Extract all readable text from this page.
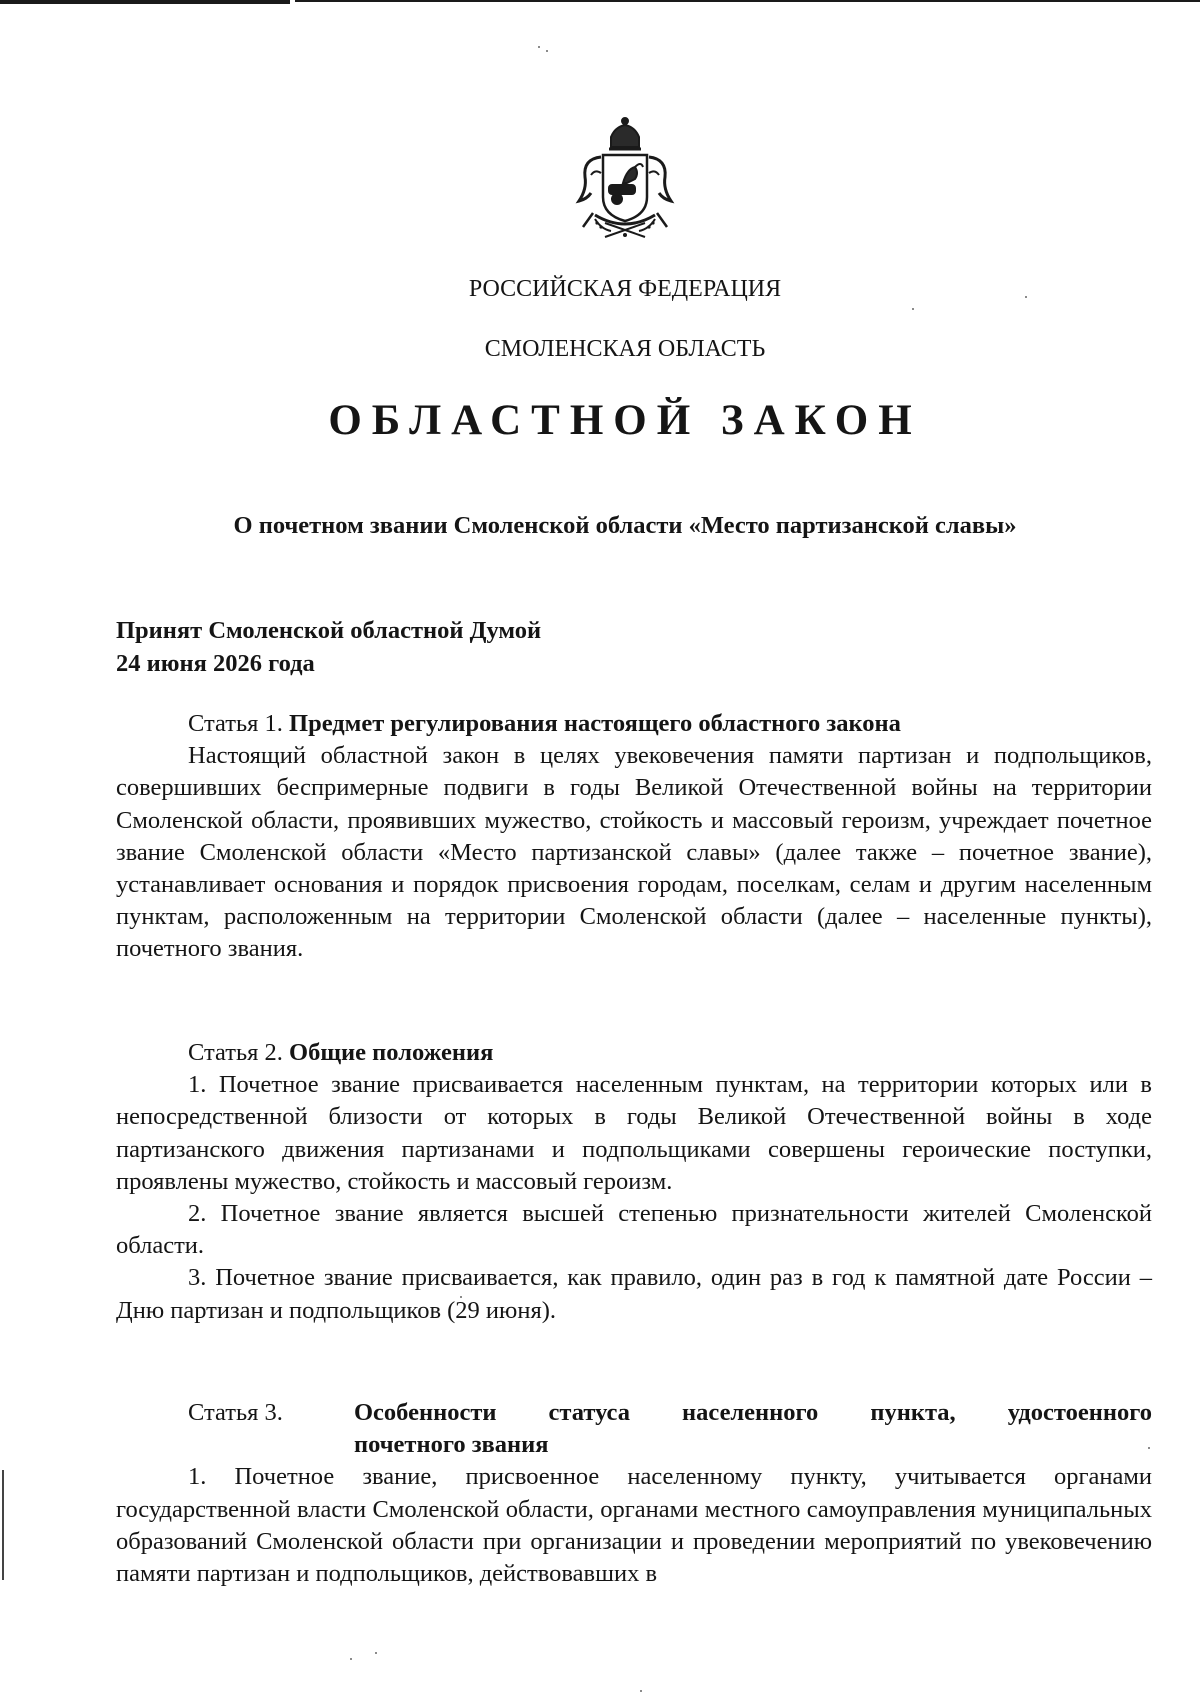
РОССИЙСКАЯ ФЕДЕРАЦИЯ
СМОЛЕНСКАЯ ОБЛАСТЬ
ОБЛАСТНОЙ ЗАКОН
О почетном звании Смоленской области «Место партизанской славы»
Принят Смоленской областной Думой
24 июня 2026 года
Статья 1. Предмет регулирования настоящего областного закона

Настоящий областной закон в целях увековечения памяти партизан и подпольщиков, совершивших беспримерные подвиги в годы Великой Отечественной войны на территории Смоленской области, проявивших мужество, стойкость и массовый героизм, учреждает почетное звание Смоленской области «Место партизанской славы» (далее также – почетное звание), устанавливает основания и порядок присвоения городам, поселкам, селам и другим населенным пунктам, расположенным на территории Смоленской области (далее – населенные пункты), почетного звания.

Статья 2. Общие положения

1. Почетное звание присваивается населенным пунктам, на территории которых или в непосредственной близости от которых в годы Великой Отечественной войны в ходе партизанского движения партизанами и подпольщиками совершены героические поступки, проявлены мужество, стойкость и массовый героизм.

2. Почетное звание является высшей степенью признательности жителей Смоленской области.

3. Почетное звание присваивается, как правило, один раз в год к памятной дате России – Дню партизан и подпольщиков (29 июня).

Статья 3.	Особенности статуса населенного пункта, удостоенного
почетного звания

1. Почетное звание, присвоенное населенному пункту, учитывается органами государственной власти Смоленской области, органами местного самоуправления муниципальных образований Смоленской области при организации и проведении мероприятий по увековечению памяти партизан и подпольщиков, действовавших в
